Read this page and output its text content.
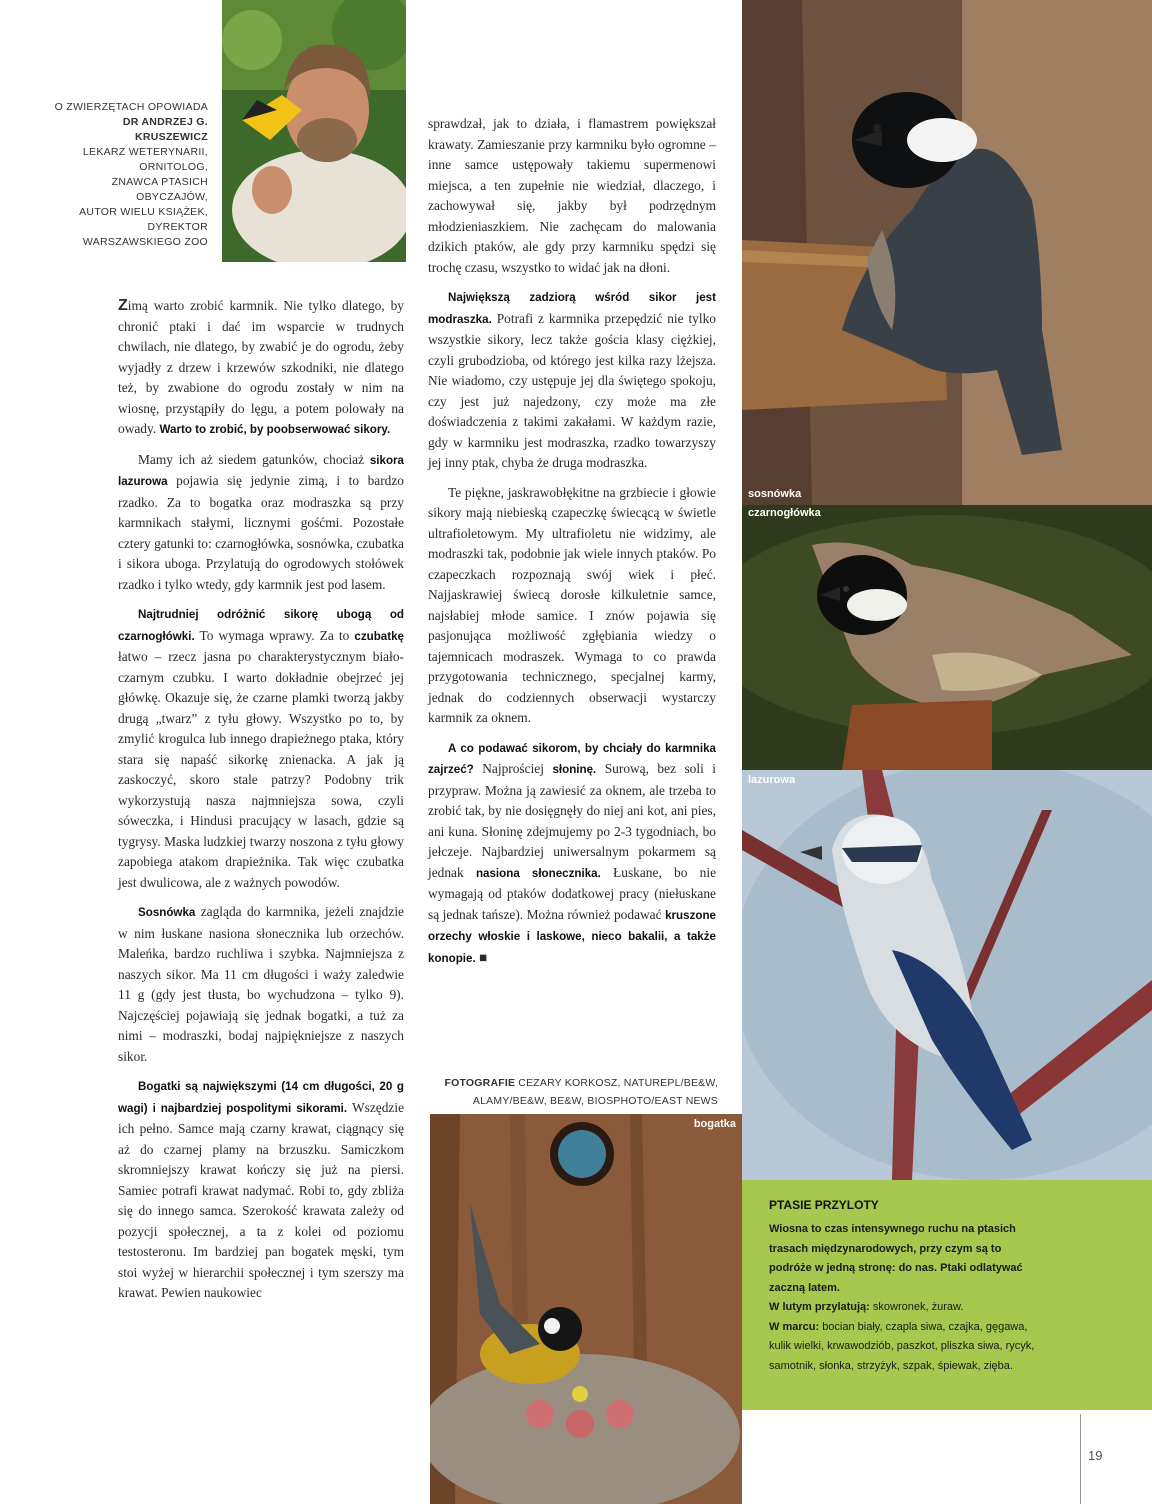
O ZWIERZĘTACH OPOWIADA
DR ANDRZEJ G.
KRUSZEWICZ
LEKARZ WETERYNARII,
ORNITOLOG,
ZNAWCA PTASICH
OBYCZAJÓW,
AUTOR WIELU KSIĄŻEK,
DYREKTOR
WARSZAWSKIEGO ZOO

Zimą warto zrobić karmnik. Nie tylko dlatego, by chronić ptaki i dać im wsparcie w trudnych chwilach, nie dlatego, by zwabić je do ogrodu, żeby wyjadły z drzew i krzewów szkodniki, nie dlatego też, by zwabione do ogrodu zostały w nim na wiosnę, przystąpiły do lęgu, a potem polowały na owady. Warto to zrobić, by poobserwować sikory.

Mamy ich aż siedem gatunków, chociaż sikora lazurowa pojawia się jedynie zimą, i to bardzo rzadko. Za to bogatka oraz modraszka są przy karmnikach stałymi, licznymi gośćmi. Pozostałe cztery gatunki to: czarnogłówka, sosnówka, czubatka i sikora uboga. Przylatują do ogrodowych stołówek rzadko i tylko wtedy, gdy karmnik jest pod lasem.

Najtrudniej odróżnić sikorę ubogą od czarnogłówki. To wymaga wprawy. Za to czubatkę łatwo – rzecz jasna po charakterystycznym biało-czarnym czubku. I warto dokładnie obejrzeć jej główkę. Okazuje się, że czarne plamki tworzą jakby drugą „twarz” z tyłu głowy. Wszystko po to, by zmylić krogulca lub innego drapieżnego ptaka, który stara się napaść sikorkę znienacka. A jak ją zaskoczyć, skoro stale patrzy? Podobny trik wykorzystują nasza najmniejsza sowa, czyli sóweczka, i Hindusi pracujący w lasach, gdzie są tygrysy. Maska ludzkiej twarzy noszona z tyłu głowy zapobiega atakom drapieżnika. Tak więc czubatka jest dwulicowa, ale z ważnych powodów.

Sosnówka zagląda do karmnika, jeżeli znajdzie w nim łuskane nasiona słonecznika lub orzechów. Maleńka, bardzo ruchliwa i szybka. Najmniejsza z naszych sikor. Ma 11 cm długości i waży zaledwie 11 g (gdy jest tłusta, bo wychudzona – tylko 9). Najczęściej pojawiają się jednak bogatki, a tuż za nimi – modraszki, bodaj najpiękniejsze z naszych sikor.

Bogatki są największymi (14 cm długości, 20 g wagi) i najbardziej pospolitymi sikorami. Wszędzie ich pełno. Samce mają czarny krawat, ciągnący się aż do czarnej plamy na brzuszku. Samiczkom skromniejszy krawat kończy się już na piersi. Samiec potrafi krawat nadymać. Robi to, gdy zbliża się do innego samca. Szerokość krawata zależy od pozycji społecznej, a ta z kolei od poziomu testosteronu. Im bardziej pan bogatek męski, tym stoi wyżej w hierarchii społecznej i tym szerszy ma krawat. Pewien naukowiec

sprawdzał, jak to działa, i flamastrem powiększał krawaty. Zamieszanie przy karmniku było ogromne – inne samce ustępowały takiemu supermenowi miejsca, a ten zupełnie nie wiedział, dlaczego, i zachowywał się, jakby był podrzędnym młodzieniaszkiem. Nie zachęcam do malowania dzikich ptaków, ale gdy przy karmniku spędzi się trochę czasu, wszystko to widać jak na dłoni.

Największą zadziorą wśród sikor jest modraszka. Potrafi z karmnika przepędzić nie tylko wszystkie sikory, lecz także gościa klasy ciężkiej, czyli grubodzioba, od którego jest kilka razy lżejsza. Nie wiadomo, czy ustępuje jej dla świętego spokoju, czy jest już najedzony, czy może ma złe doświadczenia z takimi zakałami. W każdym razie, gdy w karmniku jest modraszka, rzadko towarzyszy jej inny ptak, chyba że druga modraszka.

Te piękne, jaskrawobłękitne na grzbiecie i głowie sikory mają niebieską czapeczkę świecącą w świetle ultrafioletowym. My ultrafioletu nie widzimy, ale modraszki tak, podobnie jak wiele innych ptaków. Po czapeczkach rozpoznają swój wiek i płeć. Najjaskrawiej świecą dorosłe kilkuletnie samce, najsłabiej młode samice. I znów pojawia się pasjonująca możliwość zgłębiania wiedzy o tajemnicach modraszek. Wymaga to co prawda przygotowania technicznego, specjalnej karmy, jednak do codziennych obserwacji wystarczy karmnik za oknem.

A co podawać sikorom, by chciały do karmnika zajrzeć? Najprościej słoninę. Surową, bez soli i przypraw. Można ją zawiesić za oknem, ale trzeba to zrobić tak, by nie dosięgnęły do niej ani kot, ani pies, ani kuna. Słoninę zdejmujemy po 2-3 tygodniach, bo jełczeje. Najbardziej uniwersalnym pokarmem są jednak nasiona słonecznika. Łuskane, bo nie wymagają od ptaków dodatkowej pracy (niełuskane są jednak tańsze). Można również podawać kruszone orzechy włoskie i laskowe, nieco bakalii, a także konopie. ■

FOTOGRAFIE CEZARY KORKOSZ, NATUREPL/BE&W,
ALAMY/BE&W, BE&W, BIOSPHOTO/EAST NEWS
bogatka
sosnówka
czarnogłówka
lazurowa
PTASIE PRZYLOTY
Wiosna to czas intensywnego ruchu na ptasich trasach międzynarodowych, przy czym są to podróże w jedną stronę: do nas. Ptaki odlatywać zaczną latem.
W lutym przylatują: skowronek, żuraw.
W marcu: bocian biały, czapla siwa, czajka, gęgawa, kulik wielki, krwawodziób, paszkot, pliszka siwa, rycyk, samotnik, słonka, strzyżyk, szpak, śpiewak, zięba.
19
